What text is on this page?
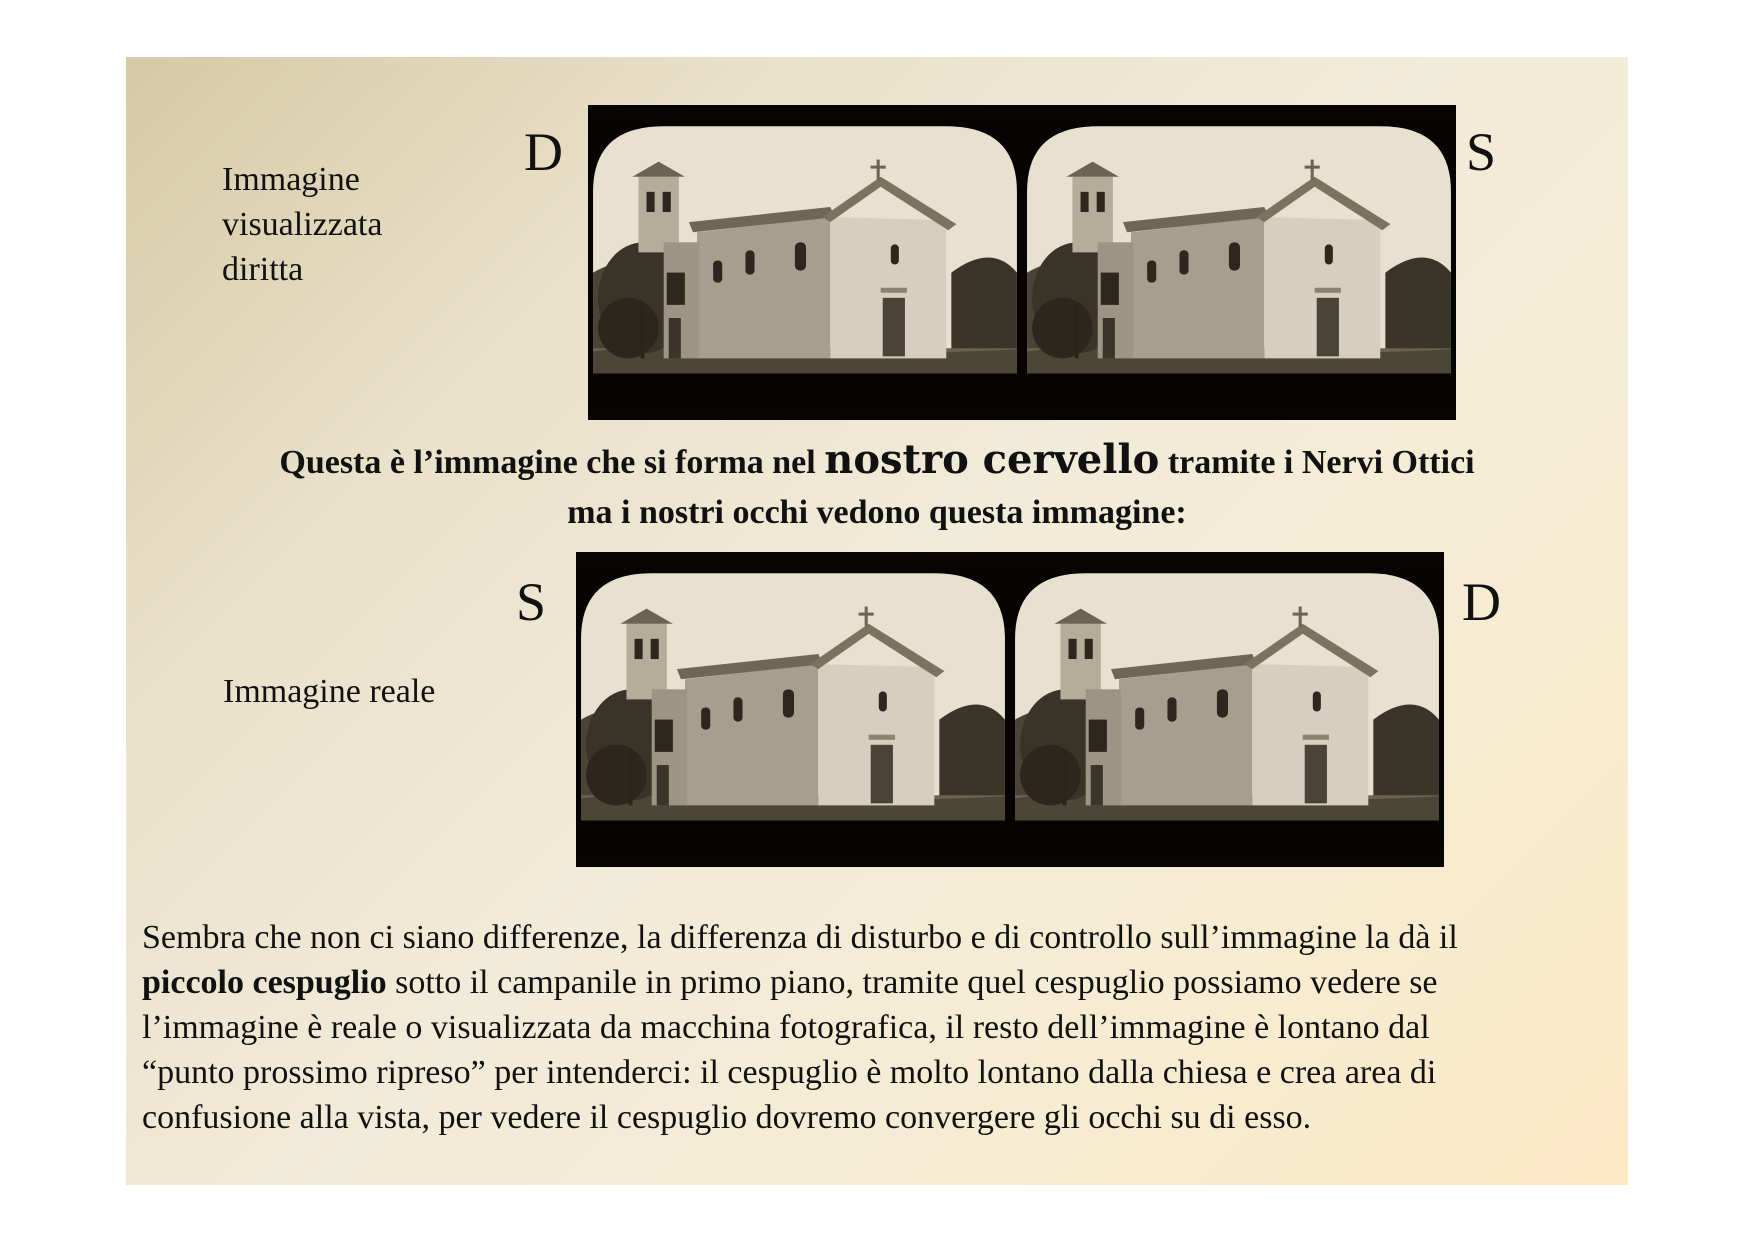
Immagine
visualizzata
diritta
D	S
Questa è l’immagine che si forma nel nostro cervello tramite i Nervi Ottici
ma i nostri occhi vedono questa immagine:
Immagine reale
S	D
Sembra che non ci siano differenze, la differenza di disturbo e di controllo sull’immagine la dà il
piccolo cespuglio sotto il campanile in primo piano, tramite quel cespuglio possiamo vedere se
l’immagine è reale o visualizzata da macchina fotografica, il resto dell’immagine è lontano dal
“punto prossimo ripreso” per intenderci: il cespuglio è molto lontano dalla chiesa e crea area di
confusione alla vista, per vedere il cespuglio dovremo convergere gli occhi su di esso.
